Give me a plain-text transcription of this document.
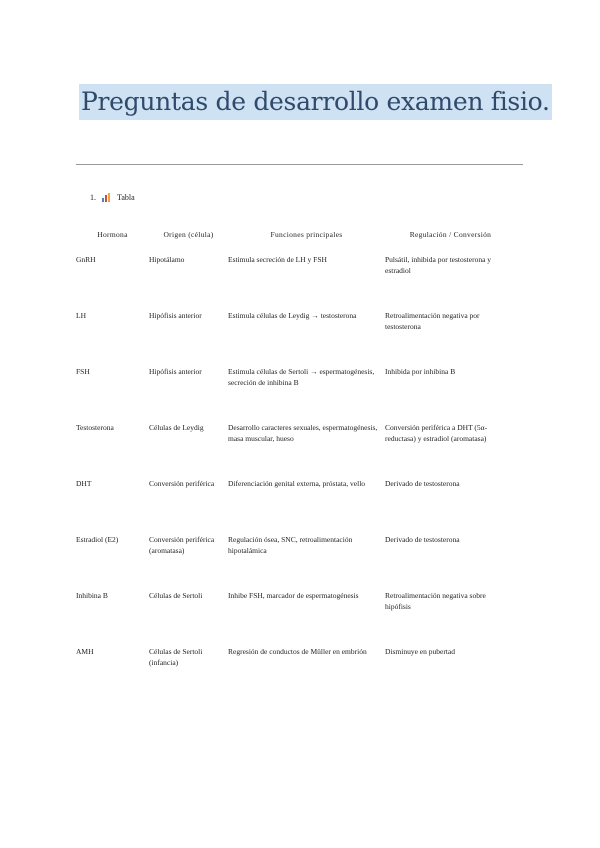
Preguntas de desarrollo examen fisio.
1.	Tabla
Hormona	Origen (célula)	Funciones principales	Regulación / Conversión
GnRH	Hipotálamo	Estimula secreción de LH y FSH	Pulsátil, inhibida por testosterona y estradiol
LH	Hipófisis anterior	Estimula células de Leydig → testosterona	Retroalimentación negativa por testosterona
FSH	Hipófisis anterior	Estimula células de Sertoli → espermatogénesis, secreción de inhibina B	Inhibida por inhibina B
Testosterona	Células de Leydig	Desarrollo caracteres sexuales, espermatogénesis, masa muscular, hueso	Conversión periférica a DHT (5α-reductasa) y estradiol (aromatasa)
DHT	Conversión periférica	Diferenciación genital externa, próstata, vello	Derivado de testosterona
Estradiol (E2)	Conversión periférica (aromatasa)	Regulación ósea, SNC, retroalimentación hipotalámica	Derivado de testosterona
Inhibina B	Células de Sertoli	Inhibe FSH, marcador de espermatogénesis	Retroalimentación negativa sobre hipófisis
AMH	Células de Sertoli (infancia)	Regresión de conductos de Müller en embrión	Disminuye en pubertad
